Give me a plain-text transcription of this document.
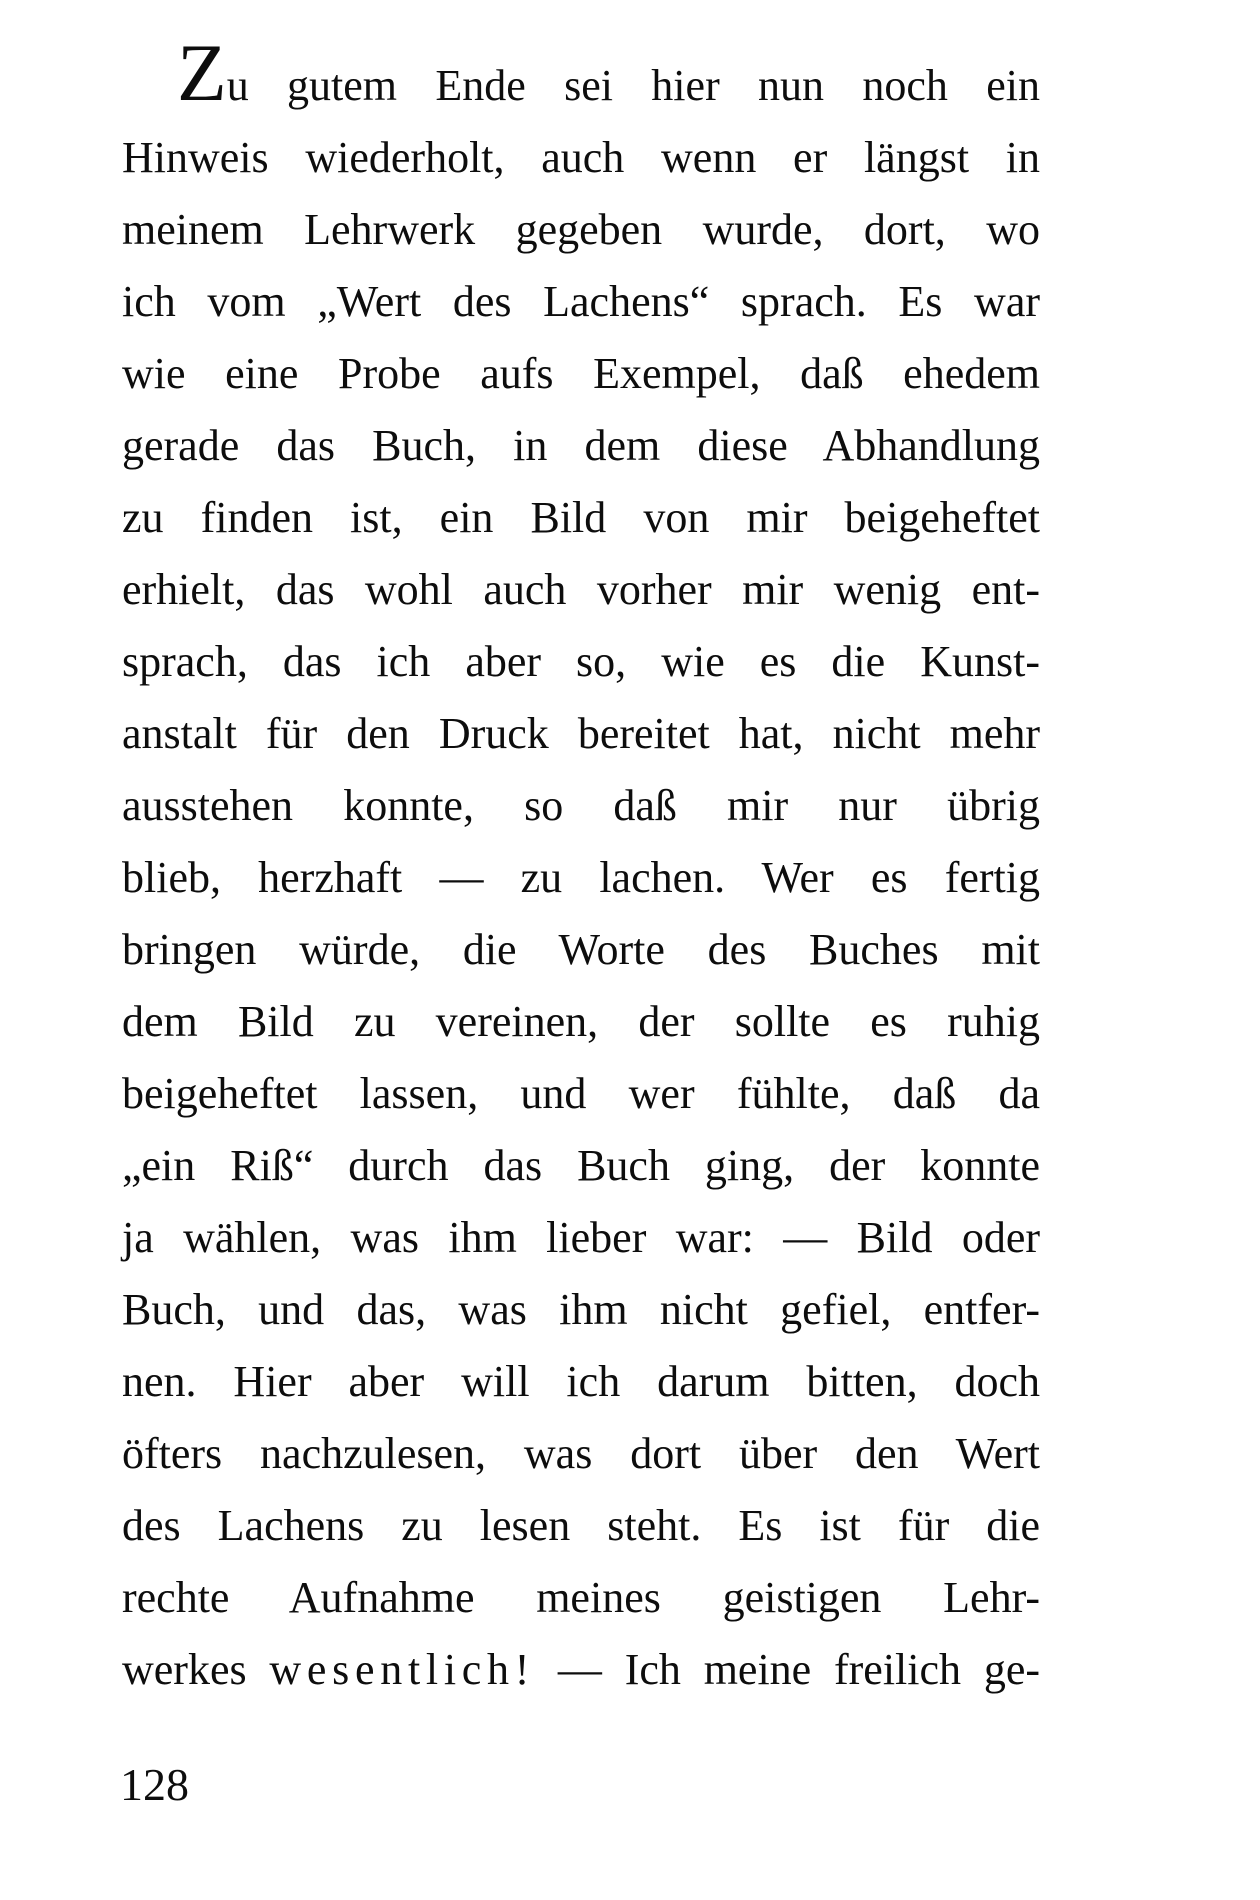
Zu gutem Ende sei hier nun noch ein
Hinweis wiederholt, auch wenn er längst in
meinem Lehrwerk gegeben wurde, dort, wo
ich vom „Wert des Lachens“ sprach. Es war
wie eine Probe aufs Exempel, daß ehedem
gerade das Buch, in dem diese Abhandlung
zu finden ist, ein Bild von mir beigeheftet
erhielt, das wohl auch vorher mir wenig ent-
sprach, das ich aber so, wie es die Kunst-
anstalt für den Druck bereitet hat, nicht mehr
ausstehen konnte, so daß mir nur übrig
blieb, herzhaft — zu lachen. Wer es fertig
bringen würde, die Worte des Buches mit
dem Bild zu vereinen, der sollte es ruhig
beigeheftet lassen, und wer fühlte, daß da
„ein Riß“ durch das Buch ging, der konnte
ja wählen, was ihm lieber war: — Bild oder
Buch, und das, was ihm nicht gefiel, entfer-
nen. Hier aber will ich darum bitten, doch
öfters nachzulesen, was dort über den Wert
des Lachens zu lesen steht. Es ist für die
rechte Aufnahme meines geistigen Lehr-
werkes wesentlich! — Ich meine freilich ge-
128
